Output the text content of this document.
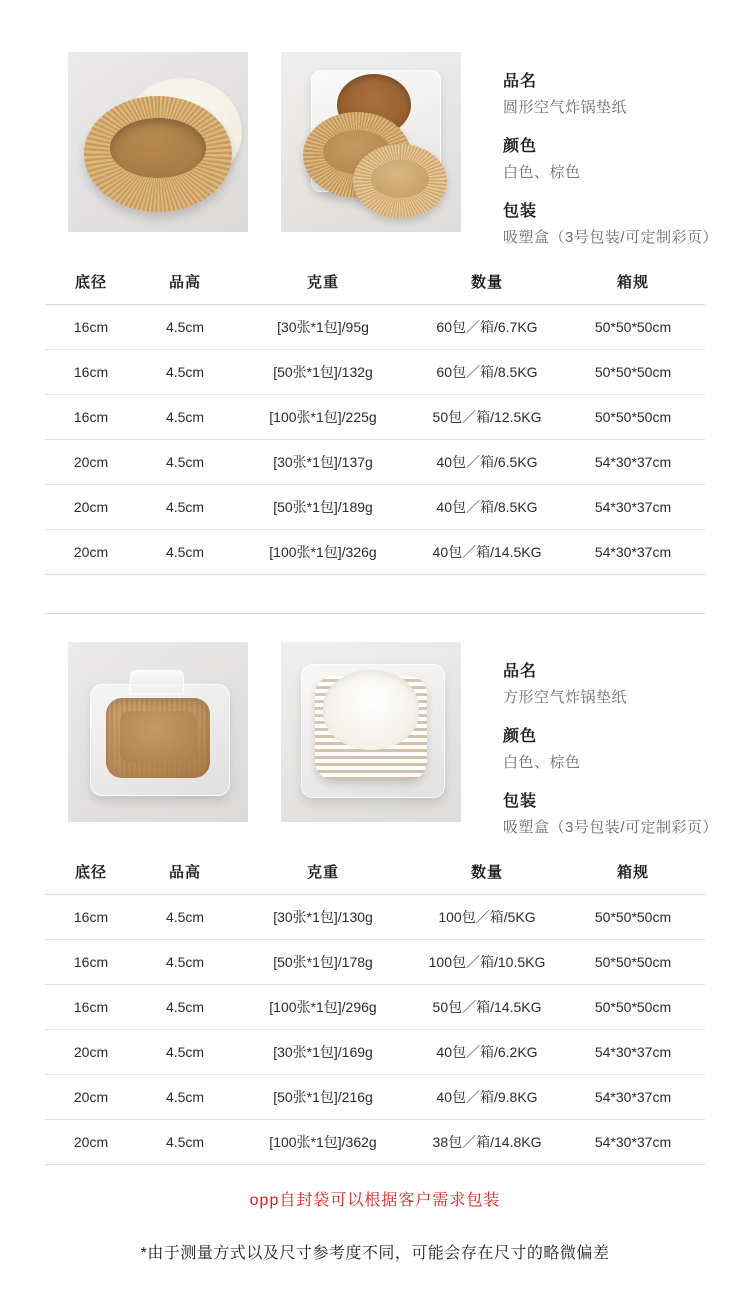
品名
圆形空气炸锅垫纸
颜色
白色、棕色
包装
吸塑盒（3号包装/可定制彩页）
底径	品高	克重	数量	箱规
16cm	4.5cm	[30张*1包]/95g	60包／箱/6.7KG	50*50*50cm
16cm	4.5cm	[50张*1包]/132g	60包／箱/8.5KG	50*50*50cm
16cm	4.5cm	[100张*1包]/225g	50包／箱/12.5KG	50*50*50cm
20cm	4.5cm	[30张*1包]/137g	40包／箱/6.5KG	54*30*37cm
20cm	4.5cm	[50张*1包]/189g	40包／箱/8.5KG	54*30*37cm
20cm	4.5cm	[100张*1包]/326g	40包／箱/14.5KG	54*30*37cm
品名
方形空气炸锅垫纸
颜色
白色、棕色
包装
吸塑盒（3号包装/可定制彩页）
底径	品高	克重	数量	箱规
16cm	4.5cm	[30张*1包]/130g	100包／箱/5KG	50*50*50cm
16cm	4.5cm	[50张*1包]/178g	100包／箱/10.5KG	50*50*50cm
16cm	4.5cm	[100张*1包]/296g	50包／箱/14.5KG	50*50*50cm
20cm	4.5cm	[30张*1包]/169g	40包／箱/6.2KG	54*30*37cm
20cm	4.5cm	[50张*1包]/216g	40包／箱/9.8KG	54*30*37cm
20cm	4.5cm	[100张*1包]/362g	38包／箱/14.8KG	54*30*37cm
opp自封袋可以根据客户需求包装
*由于测量方式以及尺寸参考度不同，可能会存在尺寸的略微偏差
